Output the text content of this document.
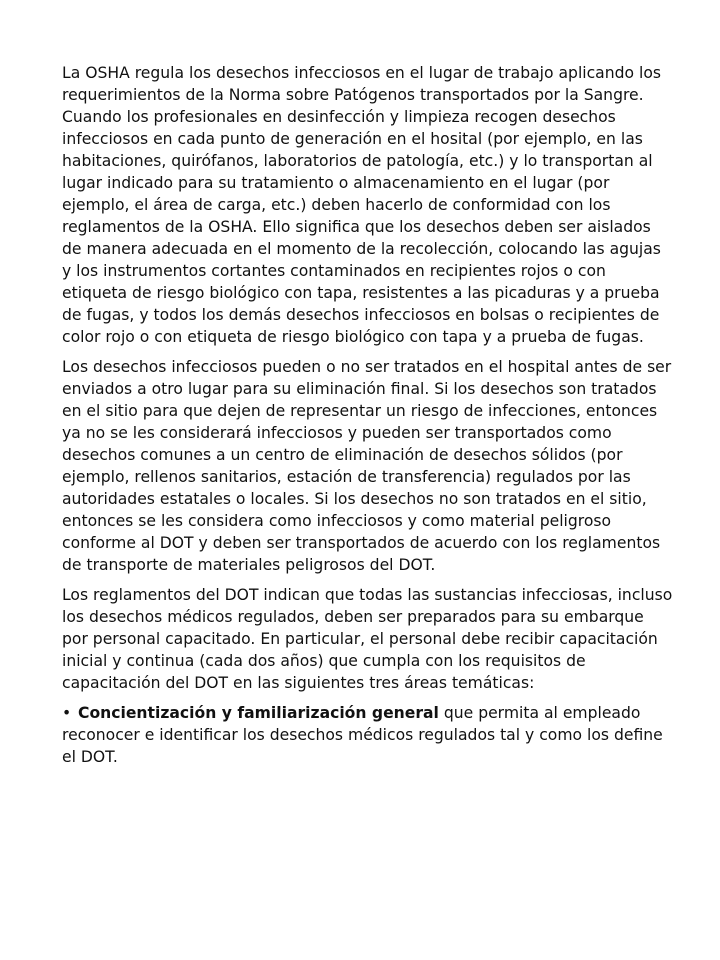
La OSHA regula los desechos infecciosos en el lugar de trabajo aplicando los requerimientos de la Norma sobre Patógenos transportados por la Sangre. Cuando los profesionales en desinfección y limpieza recogen desechos infecciosos en cada punto de generación en el hosital (por ejemplo, en las habitaciones, quirófanos, laboratorios de patología, etc.) y lo transportan al lugar indicado para su tratamiento o almacenamiento en el lugar (por ejemplo, el área de carga, etc.) deben hacerlo de conformidad con los reglamentos de la OSHA. Ello significa que los desechos deben ser aislados de manera adecuada en el momento de la recolección, colocando las agujas y los instrumentos cortantes contaminados en recipientes rojos o con etiqueta de riesgo biológico con tapa, resistentes a las picaduras y a prueba de fugas, y todos los demás desechos infecciosos en bolsas o recipientes de color rojo o con etiqueta de riesgo biológico con tapa y a prueba de fugas.

Los desechos infecciosos pueden o no ser tratados en el hospital antes de ser enviados a otro lugar para su eliminación final. Si los desechos son tratados en el sitio para que dejen de representar un riesgo de infecciones, entonces ya no se les considerará infecciosos y pueden ser transportados como desechos comunes a un centro de eliminación de desechos sólidos (por ejemplo, rellenos sanitarios, estación de transferencia) regulados por las autoridades estatales o locales. Si los desechos no son tratados en el sitio, entonces se les considera como infecciosos y como material peligroso conforme al DOT y deben ser transportados de acuerdo con los reglamentos de transporte de materiales peligrosos del DOT.

Los reglamentos del DOT indican que todas las sustancias infecciosas, incluso los desechos médicos regulados, deben ser preparados para su embarque por personal capacitado. En particular, el personal debe recibir capacitación inicial y continua (cada dos años) que cumpla con los requisitos de capacitación del DOT en las siguientes tres áreas temáticas:

• Concientización y familiarización general que permita al empleado reconocer e identificar los desechos médicos regulados tal y como los define el DOT.
